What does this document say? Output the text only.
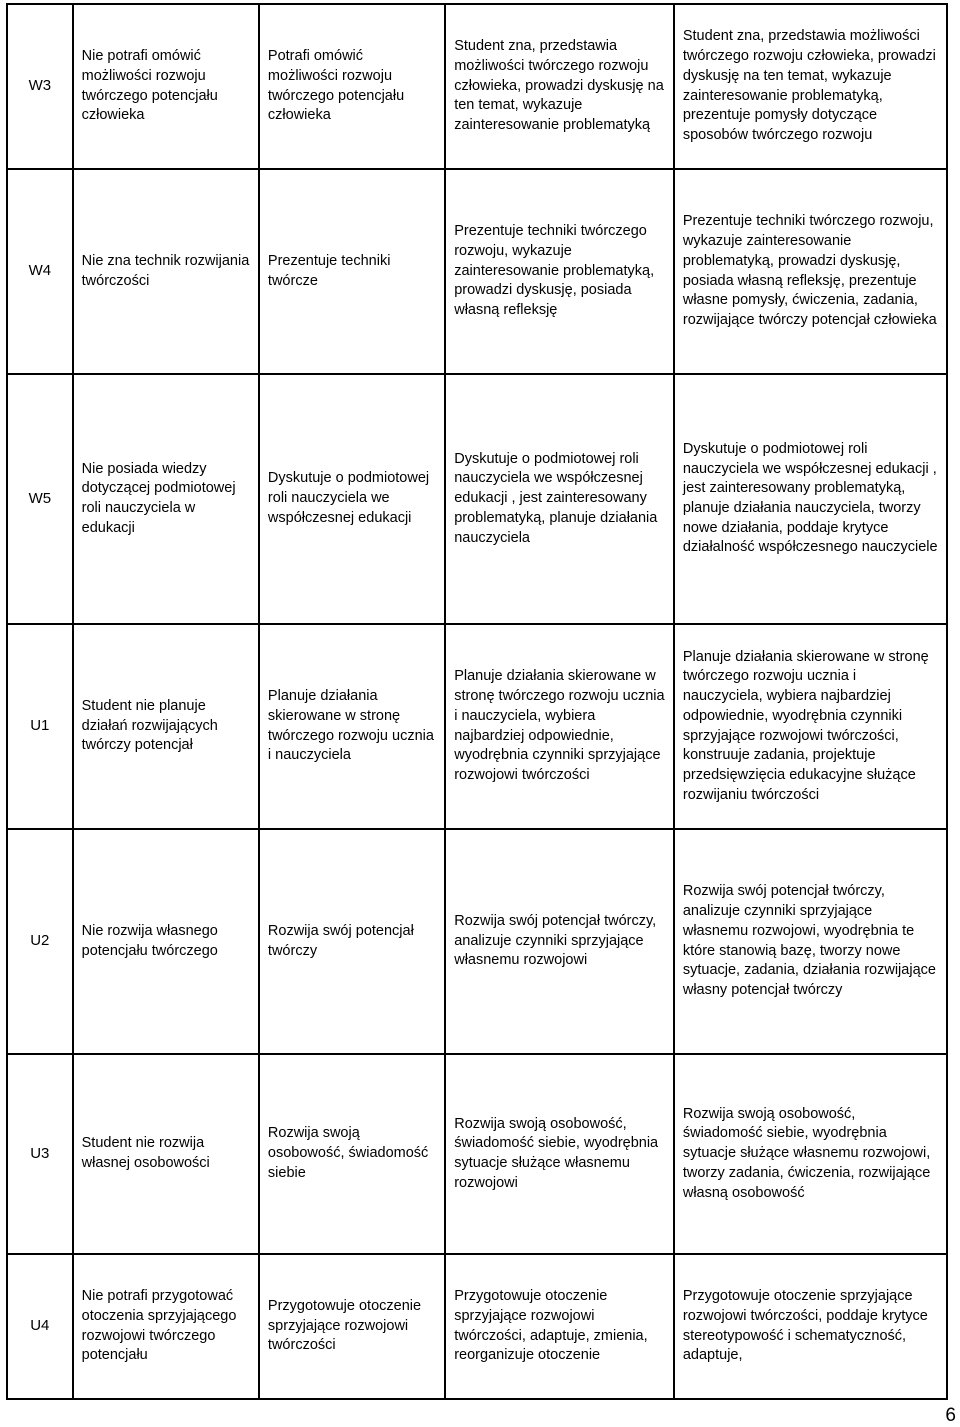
W3	Nie potrafi omówić możliwości rozwoju twórczego potencjału człowieka	Potrafi omówić możliwości rozwoju twórczego potencjału człowieka	Student zna, przedstawia możliwości twórczego rozwoju człowieka, prowadzi dyskusję na ten temat, wykazuje zainteresowanie problematyką	Student zna, przedstawia możliwości twórczego rozwoju człowieka, prowadzi dyskusję na ten temat, wykazuje zainteresowanie problematyką, prezentuje pomysły dotyczące sposobów twórczego rozwoju
W4	Nie zna technik rozwijania twórczości	Prezentuje techniki twórcze	Prezentuje techniki twórczego rozwoju, wykazuje zainteresowanie problematyką, prowadzi dyskusję, posiada własną refleksję	Prezentuje techniki twórczego rozwoju, wykazuje zainteresowanie problematyką, prowadzi dyskusję, posiada własną refleksję, prezentuje własne pomysły, ćwiczenia, zadania, rozwijające twórczy potencjał człowieka
W5	Nie posiada wiedzy dotyczącej podmiotowej roli nauczyciela w edukacji	Dyskutuje o podmiotowej roli nauczyciela we współczesnej edukacji	Dyskutuje o podmiotowej roli nauczyciela we współczesnej edukacji , jest zainteresowany problematyką, planuje działania nauczyciela	Dyskutuje o podmiotowej roli nauczyciela we współczesnej edukacji , jest zainteresowany problematyką, planuje działania nauczyciela, tworzy nowe działania, poddaje krytyce działalność współczesnego nauczyciele
U1	Student nie planuje działań rozwijających twórczy potencjał	Planuje działania skierowane w stronę twórczego rozwoju ucznia i nauczyciela	Planuje działania skierowane w stronę twórczego rozwoju ucznia i nauczyciela, wybiera najbardziej odpowiednie, wyodrębnia czynniki sprzyjające rozwojowi twórczości	Planuje działania skierowane w stronę twórczego rozwoju ucznia i nauczyciela, wybiera najbardziej odpowiednie, wyodrębnia czynniki sprzyjające rozwojowi twórczości, konstruuje zadania, projektuje przedsięwzięcia edukacyjne służące rozwijaniu twórczości
U2	Nie rozwija własnego potencjału twórczego	Rozwija swój potencjał twórczy	Rozwija swój potencjał twórczy, analizuje czynniki sprzyjające własnemu rozwojowi	Rozwija swój potencjał twórczy, analizuje czynniki sprzyjające własnemu rozwojowi, wyodrębnia te które stanowią bazę, tworzy nowe sytuacje, zadania, działania rozwijające własny potencjał twórczy
U3	Student nie rozwija własnej osobowości	Rozwija swoją osobowość, świadomość siebie	Rozwija swoją osobowość, świadomość siebie, wyodrębnia sytuacje służące własnemu rozwojowi	Rozwija swoją osobowość, świadomość siebie, wyodrębnia sytuacje służące własnemu rozwojowi, tworzy zadania, ćwiczenia, rozwijające własną osobowość
U4	Nie potrafi przygotować otoczenia sprzyjającego rozwojowi twórczego potencjału	Przygotowuje otoczenie sprzyjające rozwojowi twórczości	Przygotowuje otoczenie sprzyjające rozwojowi twórczości, adaptuje, zmienia, reorganizuje otoczenie	Przygotowuje otoczenie sprzyjające rozwojowi twórczości, poddaje krytyce stereotypowość i schematyczność, adaptuje,
6
